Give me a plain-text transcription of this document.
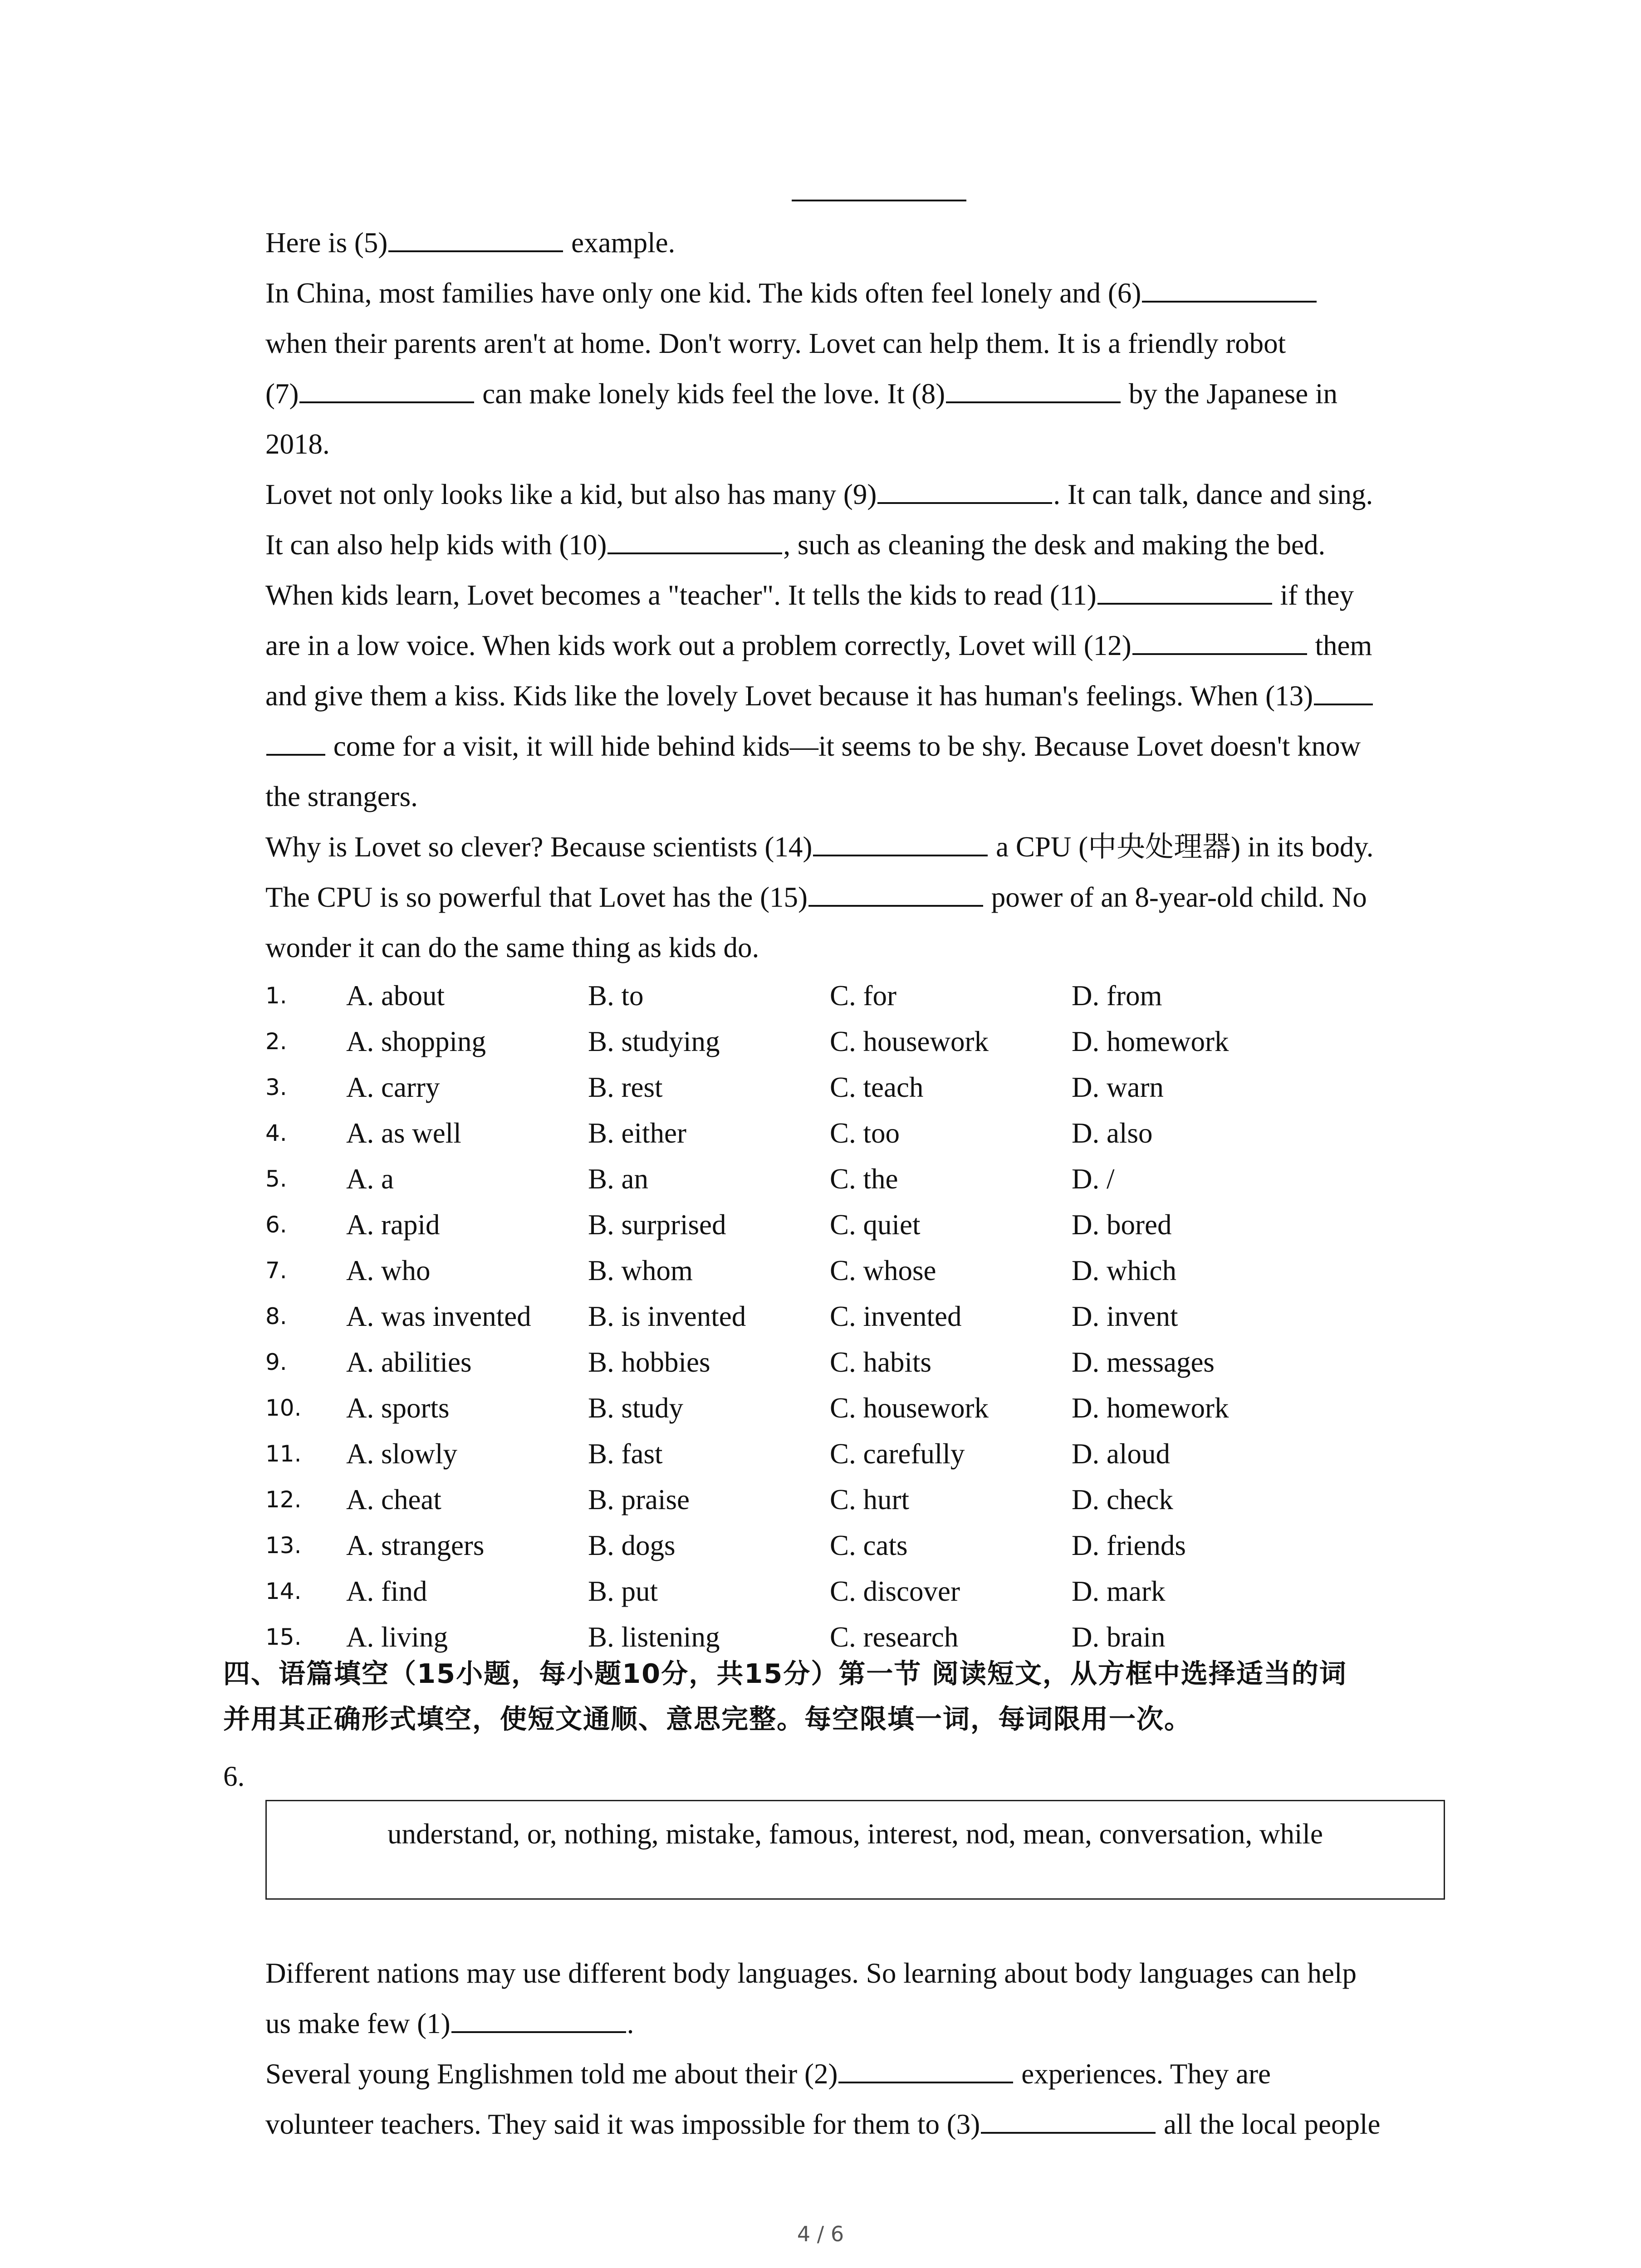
Here is (5)	example.
In China, most families have only one kid. The kids often feel lonely and (6)
when their parents aren't at home. Don't worry. Lovet can help them. It is a friendly robot
(7)	can make lonely kids feel the love. It (8)	by the Japanese in
2018.
Lovet not only looks like a kid, but also has many (9)	. It can talk, dance and sing.
It can also help kids with (10)	, such as cleaning the desk and making the bed.
When kids learn, Lovet becomes a "teacher". It tells the kids to read (11)	if they
are in a low voice. When kids work out a problem correctly, Lovet will (12)	them
and give them a kiss. Kids like the lovely Lovet because it has human's feelings. When (13)
come for a visit, it will hide behind kids—it seems to be shy. Because Lovet doesn't know
the strangers.
Why is Lovet so clever? Because scientists (14)	a CPU (中央处理器) in its body.
The CPU is so powerful that Lovet has the (15)	power of an 8-year-old child. No
wonder it can do the same thing as kids do.
1.	A. about	B. to	C. for	D. from
2.	A. shopping	B. studying	C. housework	D. homework
3.	A. carry	B. rest	C. teach	D. warn
4.	A. as well	B. either	C. too	D. also
5.	A. a	B. an	C. the	D. /
6.	A. rapid	B. surprised	C. quiet	D. bored
7.	A. who	B. whom	C. whose	D. which
8.	A. was invented	B. is invented	C. invented	D. invent
9.	A. abilities	B. hobbies	C. habits	D. messages
10.	A. sports	B. study	C. housework	D. homework
11.	A. slowly	B. fast	C. carefully	D. aloud
12.	A. cheat	B. praise	C. hurt	D. check
13.	A. strangers	B. dogs	C. cats	D. friends
14.	A. find	B. put	C. discover	D. mark
15.	A. living	B. listening	C. research	D. brain
四、语篇填空（15小题，每小题10分，共15分）第一节 阅读短文，从方框中选择适当的词
并用其正确形式填空，使短文通顺、意思完整。每空限填一词，每词限用一次。
6.
understand, or, nothing, mistake, famous, interest, nod, mean, conversation, while
Different nations may use different body languages. So learning about body languages can help
us make few (1)	.
Several young Englishmen told me about their (2)	experiences. They are
volunteer teachers. They said it was impossible for them to (3)	all the local people
4 / 6
